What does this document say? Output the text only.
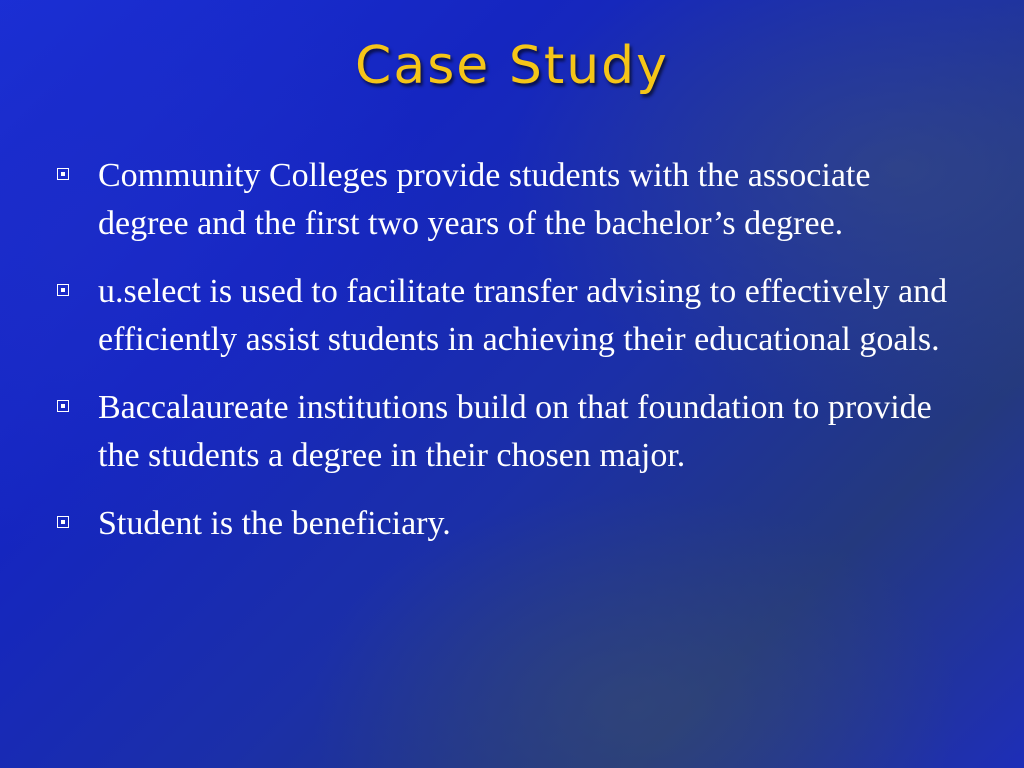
Case Study
Community Colleges provide students with the associate degree and the first two years of the bachelor’s degree.
u.select is used to facilitate transfer advising to effectively and efficiently assist students in achieving their educational goals.
Baccalaureate institutions build on that foundation to provide the students a degree in their chosen major.
Student is the beneficiary.
